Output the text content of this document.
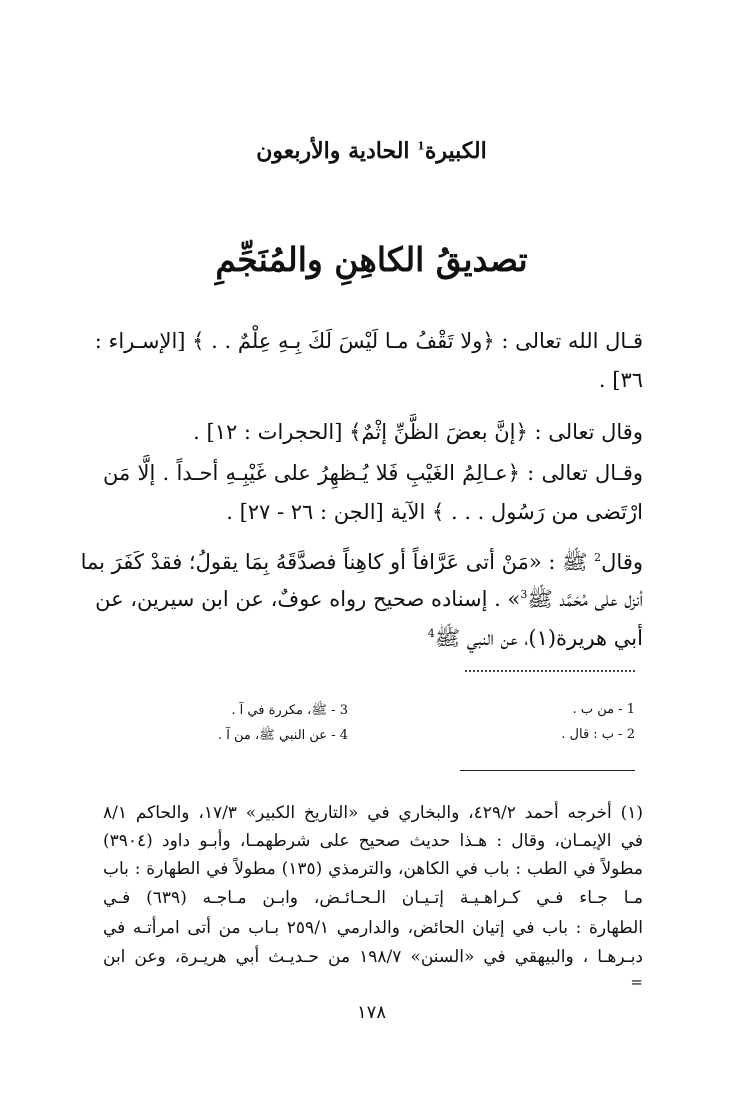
الكبيرة$^1$ الحادية والأربعون
تصديقُ الكاهِنِ والمُنَجِّمِ
قـال الله تعالى : ﴿ولا تَقْفُ مـا لَيْسَ لَكَ بِـهِ عِلْمٌ . . ﴾ [الإسـراء :
٣٦] .
وقال تعالى : ﴿إنَّ بعضَ الظَّنِّ إثْمٌ﴾ [الحجرات : ١٢] .
وقـال تعالى : ﴿عـالِمُ الغَيْبِ فَلا يُـظهِرُ على غَيْبِـهِ أحـداً . إلَّا مَن
ارْتَضى من رَسُول . . . ﴾ الآية [الجن : ٢٦ - ٢٧] .
وقال$^2$ ﷺ : «مَنْ أتى عَرَّافاً أو كاهِناً فصدَّقَهُ بِمَا يقولُ؛ فقدْ كَفَرَ بما
أنزل على مُحَمَّد ﷺ$^3$» . إسناده صحيح رواه عوفٌ، عن ابن سيرين، عن
أبي هريرة(١)، عن النبي ﷺ$^4$
1 - من ب .
2 - ب : قال .
3 - ﷺ، مكررة في آ .
4 - عن النبي ﷺ، من آ .
(١) أخرجه أحمد ٤٢٩/٢، والبخاري في «التاريخ الكبير» ١٧/٣، والحاكم ٨/١
في الإيمـان، وقال : هـذا حديث صحيح على شرطهمـا، وأبـو داود (٣٩٠٤)
مطولاً في الطب : باب في الكاهن، والترمذي (١٣٥) مطولاً في الطهارة : باب
مـا جـاء فـي كـراهـيـة إتـيـان الـحـائـض، وابـن مـاجـه (٦٣٩) فـي
الطهارة : باب في إتيان الحائض، والدارمي ٢٥٩/١ بـاب من أتى امرأتـه في
دبـرهـا ، والبيهقي في «السنن» ١٩٨/٧ من حـديـث أبي هريـرة، وعن ابن
=
١٧٨
